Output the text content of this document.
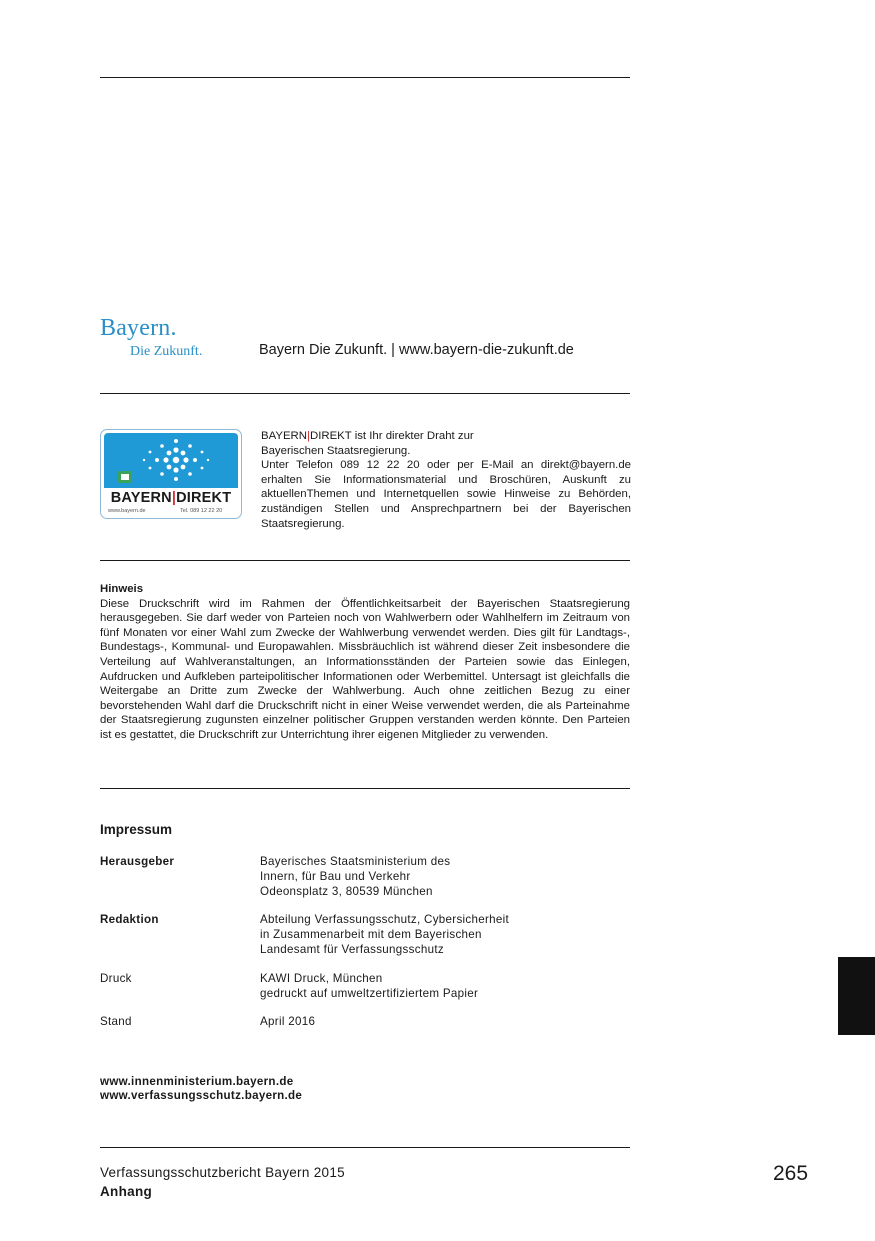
Bayern.
Die Zukunft.	Bayern Die Zukunft. | www.bayern-die-zukunft.de
BAYERN|DIREKT
www.bayern.de	Tel. 089 12 22 20
BAYERN|DIREKT ist Ihr direkter Draht zur
Bayerischen Staatsregierung.
Unter Telefon 089 12 22 20 oder per E-Mail an direkt@bayern.de erhalten Sie Informationsmaterial und Broschüren, Auskunft zu aktuellenThemen und Internetquellen sowie Hinweise zu Behörden, zuständigen Stellen und Ansprechpartnern bei der Bayerischen Staatsregierung.
Hinweis
Diese Druckschrift wird im Rahmen der Öffentlichkeitsarbeit der Bayerischen Staatsregierung herausgegeben. Sie darf weder von Parteien noch von Wahlwerbern oder Wahlhelfern im Zeitraum von fünf Monaten vor einer Wahl zum Zwecke der Wahlwerbung verwendet werden. Dies gilt für Landtags-, Bundestags-, Kommunal- und Europawahlen. Missbräuchlich ist während dieser Zeit insbesondere die Verteilung auf Wahlveranstaltungen, an Informationsständen der Parteien sowie das Einlegen, Aufdrucken und Aufkleben parteipolitischer Informationen oder Werbemittel. Untersagt ist gleichfalls die Weitergabe an Dritte zum Zwecke der Wahlwerbung. Auch ohne zeitlichen Bezug zu einer bevorstehenden Wahl darf die Druckschrift nicht in einer Weise verwendet werden, die als Parteinahme der Staatsregierung zugunsten einzelner politischer Gruppen verstanden werden könnte. Den Parteien ist es gestattet, die Druckschrift zur Unterrichtung ihrer eigenen Mitglieder zu verwenden.
Impressum
Herausgeber	Bayerisches Staatsministerium des
Innern, für Bau und Verkehr
Odeonsplatz 3, 80539 München
Redaktion	Abteilung Verfassungsschutz, Cybersicherheit
in Zusammenarbeit mit dem Bayerischen
Landesamt für Verfassungsschutz
Druck	KAWI Druck, München
gedruckt auf umweltzertifiziertem Papier
Stand	April 2016
www.innenministerium.bayern.de
www.verfassungsschutz.bayern.de
Verfassungsschutzbericht Bayern 2015
Anhang
265
